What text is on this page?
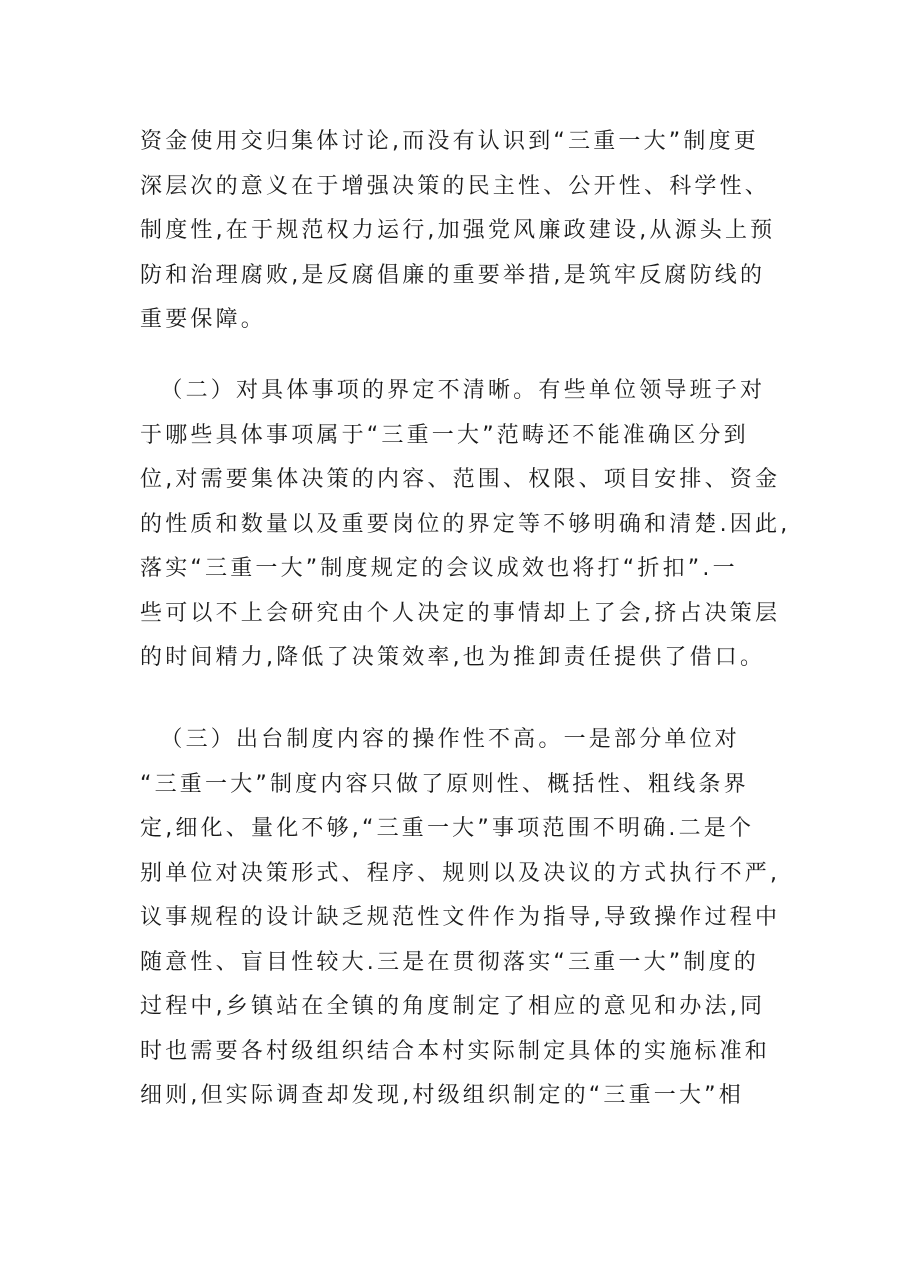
资金使用交归集体讨论,而没有认识到“三重一大”制度更
深层次的意义在于增强决策的民主性、公开性、科学性、
制度性,在于规范权力运行,加强党风廉政建设,从源头上预
防和治理腐败,是反腐倡廉的重要举措,是筑牢反腐防线的
重要保障。
（二）对具体事项的界定不清晰。有些单位领导班子对
于哪些具体事项属于“三重一大”范畴还不能准确区分到
位,对需要集体决策的内容、范围、权限、项目安排、资金
的性质和数量以及重要岗位的界定等不够明确和清楚.因此,
落实“三重一大”制度规定的会议成效也将打“折扣”.一
些可以不上会研究由个人决定的事情却上了会,挤占决策层
的时间精力,降低了决策效率,也为推卸责任提供了借口。
（三）出台制度内容的操作性不高。一是部分单位对
“三重一大”制度内容只做了原则性、概括性、粗线条界
定,细化、量化不够,“三重一大”事项范围不明确.二是个
别单位对决策形式、程序、规则以及决议的方式执行不严,
议事规程的设计缺乏规范性文件作为指导,导致操作过程中
随意性、盲目性较大.三是在贯彻落实“三重一大”制度的
过程中,乡镇站在全镇的角度制定了相应的意见和办法,同
时也需要各村级组织结合本村实际制定具体的实施标准和
细则,但实际调查却发现,村级组织制定的“三重一大”相
